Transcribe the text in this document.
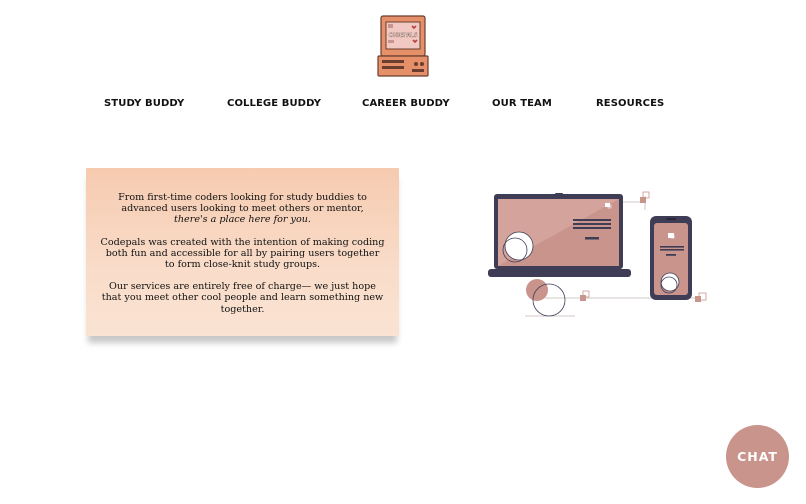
CODEPALS
STUDY BUDDY	COLLEGE BUDDY	CAREER BUDDY	OUR TEAM	RESOURCES

From first-time coders looking for study buddies to advanced users looking to meet others or mentor,
there's a place here for you.

Codepals was created with the intention of making coding both fun and accessible for all by pairing users together to form close-knit study groups.

Our services are entirely free of charge— we just hope that you meet other cool people and learn something new together.

CHAT
